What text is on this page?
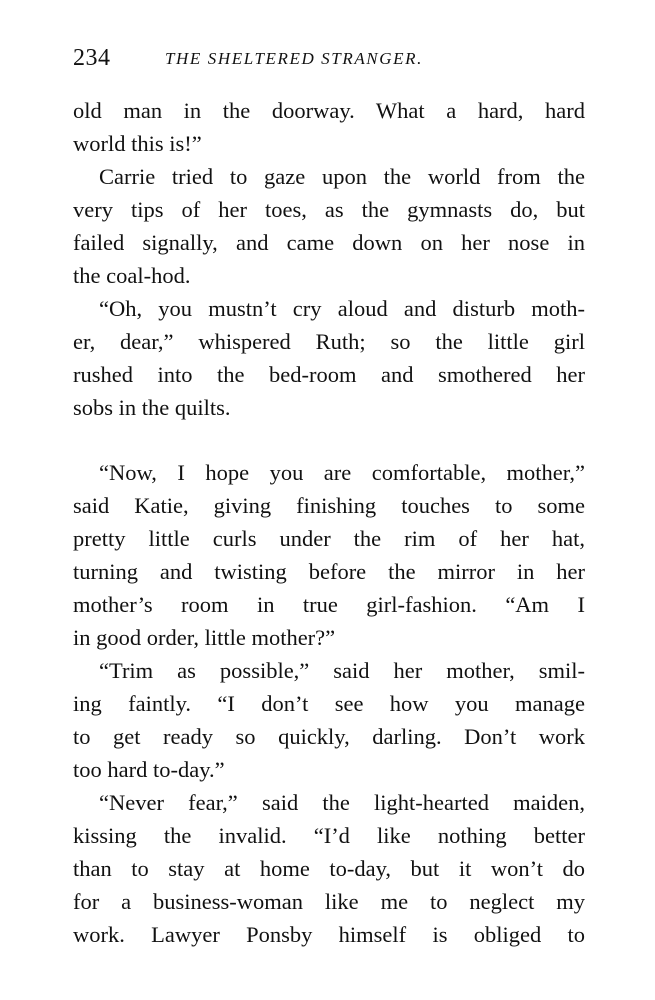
234	THE SHELTERED STRANGER.
old man in the doorway. What a hard, hard
world this is!”
Carrie tried to gaze upon the world from the
very tips of her toes, as the gymnasts do, but
failed signally, and came down on her nose in
the coal-hod.
“Oh, you mustn’t cry aloud and disturb moth-
er, dear,” whispered Ruth; so the little girl
rushed into the bed-room and smothered her
sobs in the quilts.
“Now, I hope you are comfortable, mother,”
said Katie, giving finishing touches to some
pretty little curls under the rim of her hat,
turning and twisting before the mirror in her
mother’s room in true girl-fashion. “Am I
in good order, little mother?”
“Trim as possible,” said her mother, smil-
ing faintly. “I don’t see how you manage
to get ready so quickly, darling. Don’t work
too hard to-day.”
“Never fear,” said the light-hearted maiden,
kissing the invalid. “I’d like nothing better
than to stay at home to-day, but it won’t do
for a business-woman like me to neglect my
work. Lawyer Ponsby himself is obliged to
